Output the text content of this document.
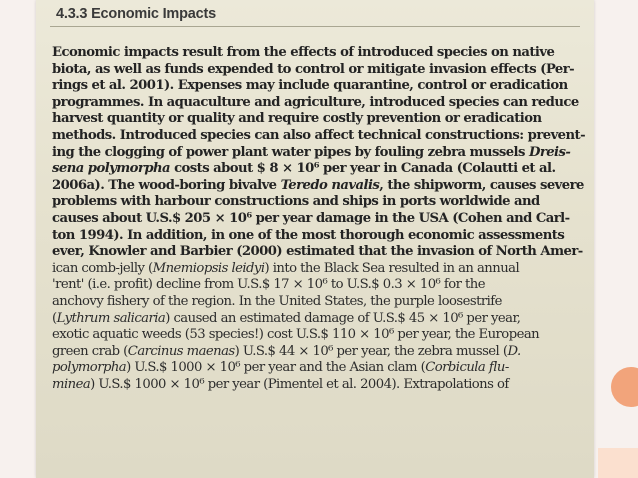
4.3.3 Economic Impacts

Economic impacts result from the effects of introduced species on native
biota, as well as funds expended to control or mitigate invasion effects (Per-
rings et al. 2001). Expenses may include quarantine, control or eradication
programmes. In aquaculture and agriculture, introduced species can reduce
harvest quantity or quality and require costly prevention or eradication
methods. Introduced species can also affect technical constructions: prevent-
ing the clogging of power plant water pipes by fouling zebra mussels Dreis-
sena polymorpha costs about $ 8 × 10⁶ per year in Canada (Colautti et al.
2006a). The wood-boring bivalve Teredo navalis, the shipworm, causes severe
problems with harbour constructions and ships in ports worldwide and
causes about U.S.$ 205 × 10⁶ per year damage in the USA (Cohen and Carl-
ton 1994). In addition, in one of the most thorough economic assessments
ever, Knowler and Barbier (2000) estimated that the invasion of North Amer-
ican comb-jelly (Mnemiopsis leidyi) into the Black Sea resulted in an annual
'rent' (i.e. profit) decline from U.S.$ 17 × 10⁶ to U.S.$ 0.3 × 10⁶ for the
anchovy fishery of the region. In the United States, the purple loosestrife
(Lythrum salicaria) caused an estimated damage of U.S.$ 45 × 10⁶ per year,
exotic aquatic weeds (53 species!) cost U.S.$ 110 × 10⁶ per year, the European
green crab (Carcinus maenas) U.S.$ 44 × 10⁶ per year, the zebra mussel (D.
polymorpha) U.S.$ 1000 × 10⁶ per year and the Asian clam (Corbicula flu-
minea) U.S.$ 1000 × 10⁶ per year (Pimentel et al. 2004). Extrapolations of
